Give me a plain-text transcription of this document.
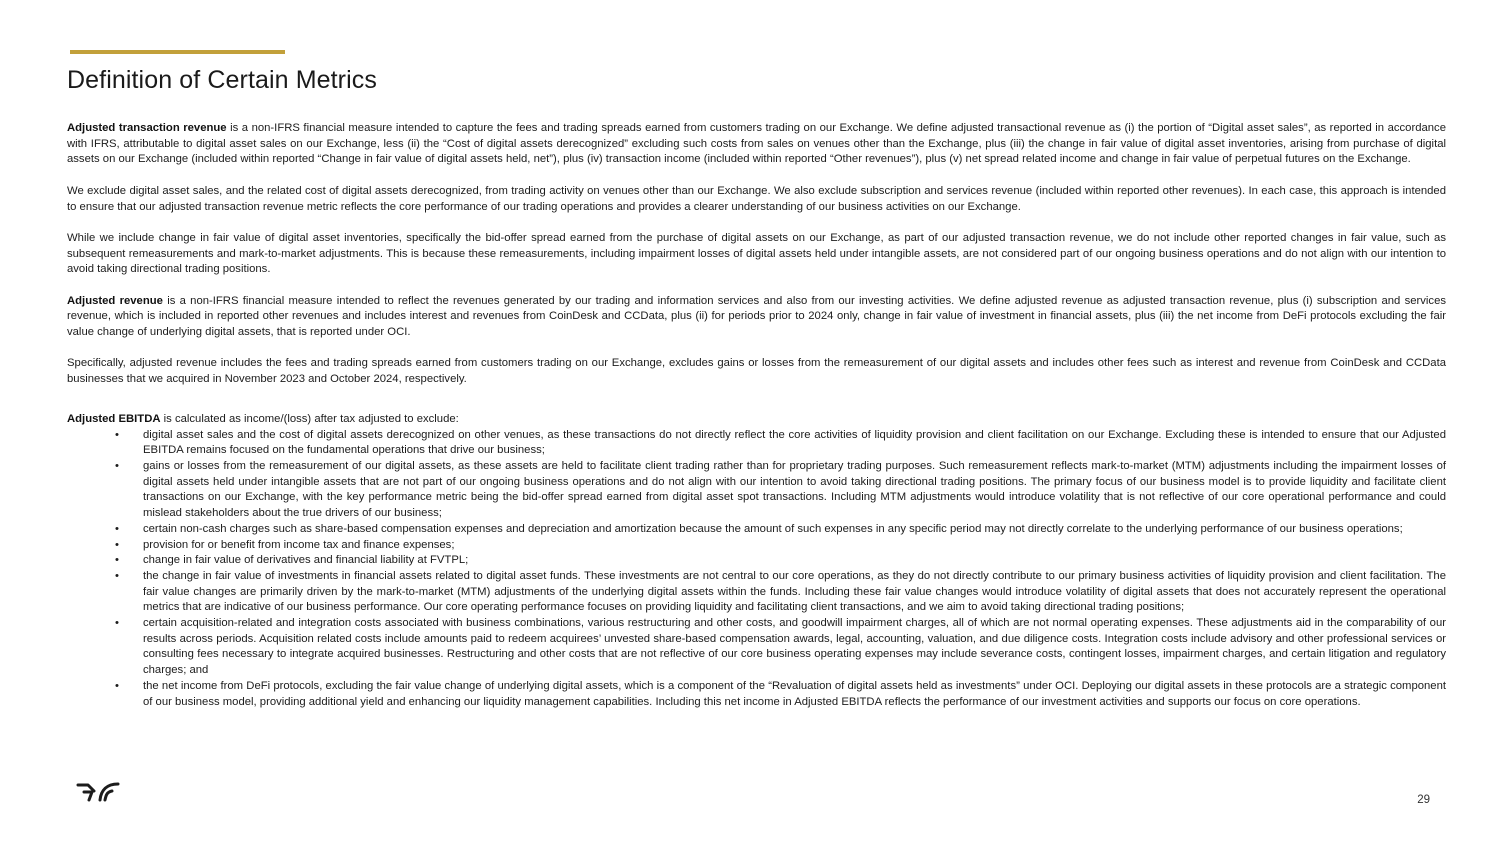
Definition of Certain Metrics

Adjusted transaction revenue is a non-IFRS financial measure intended to capture the fees and trading spreads earned from customers trading on our Exchange. We define adjusted transactional revenue as (i) the portion of “Digital asset sales”, as reported in accordance with IFRS, attributable to digital asset sales on our Exchange, less (ii) the “Cost of digital assets derecognized” excluding such costs from sales on venues other than the Exchange, plus (iii) the change in fair value of digital asset inventories, arising from purchase of digital assets on our Exchange (included within reported “Change in fair value of digital assets held, net”), plus (iv) transaction income (included within reported “Other revenues”), plus (v) net spread related income and change in fair value of perpetual futures on the Exchange.

We exclude digital asset sales, and the related cost of digital assets derecognized, from trading activity on venues other than our Exchange. We also exclude subscription and services revenue (included within reported other revenues). In each case, this approach is intended to ensure that our adjusted transaction revenue metric reflects the core performance of our trading operations and provides a clearer understanding of our business activities on our Exchange.

While we include change in fair value of digital asset inventories, specifically the bid-offer spread earned from the purchase of digital assets on our Exchange, as part of our adjusted transaction revenue, we do not include other reported changes in fair value, such as subsequent remeasurements and mark-to-market adjustments. This is because these remeasurements, including impairment losses of digital assets held under intangible assets, are not considered part of our ongoing business operations and do not align with our intention to avoid taking directional trading positions.

Adjusted revenue is a non-IFRS financial measure intended to reflect the revenues generated by our trading and information services and also from our investing activities. We define adjusted revenue as adjusted transaction revenue, plus (i) subscription and services revenue, which is included in reported other revenues and includes interest and revenues from CoinDesk and CCData, plus (ii) for periods prior to 2024 only, change in fair value of investment in financial assets, plus (iii) the net income from DeFi protocols excluding the fair value change of underlying digital assets, that is reported under OCI.

Specifically, adjusted revenue includes the fees and trading spreads earned from customers trading on our Exchange, excludes gains or losses from the remeasurement of our digital assets and includes other fees such as interest and revenue from CoinDesk and CCData businesses that we acquired in November 2023 and October 2024, respectively.

Adjusted EBITDA is calculated as income/(loss) after tax adjusted to exclude:

• digital asset sales and the cost of digital assets derecognized on other venues, as these transactions do not directly reflect the core activities of liquidity provision and client facilitation on our Exchange. Excluding these is intended to ensure that our Adjusted EBITDA remains focused on the fundamental operations that drive our business;
• gains or losses from the remeasurement of our digital assets, as these assets are held to facilitate client trading rather than for proprietary trading purposes. Such remeasurement reflects mark-to-market (MTM) adjustments including the impairment losses of digital assets held under intangible assets that are not part of our ongoing business operations and do not align with our intention to avoid taking directional trading positions. The primary focus of our business model is to provide liquidity and facilitate client transactions on our Exchange, with the key performance metric being the bid-offer spread earned from digital asset spot transactions. Including MTM adjustments would introduce volatility that is not reflective of our core operational performance and could mislead stakeholders about the true drivers of our business;
• certain non-cash charges such as share-based compensation expenses and depreciation and amortization because the amount of such expenses in any specific period may not directly correlate to the underlying performance of our business operations;
• provision for or benefit from income tax and finance expenses;
• change in fair value of derivatives and financial liability at FVTPL;
• the change in fair value of investments in financial assets related to digital asset funds. These investments are not central to our core operations, as they do not directly contribute to our primary business activities of liquidity provision and client facilitation. The fair value changes are primarily driven by the mark-to-market (MTM) adjustments of the underlying digital assets within the funds. Including these fair value changes would introduce volatility of digital assets that does not accurately represent the operational metrics that are indicative of our business performance. Our core operating performance focuses on providing liquidity and facilitating client transactions, and we aim to avoid taking directional trading positions;
• certain acquisition-related and integration costs associated with business combinations, various restructuring and other costs, and goodwill impairment charges, all of which are not normal operating expenses. These adjustments aid in the comparability of our results across periods. Acquisition related costs include amounts paid to redeem acquirees’ unvested share-based compensation awards, legal, accounting, valuation, and due diligence costs. Integration costs include advisory and other professional services or consulting fees necessary to integrate acquired businesses. Restructuring and other costs that are not reflective of our core business operating expenses may include severance costs, contingent losses, impairment charges, and certain litigation and regulatory charges; and
• the net income from DeFi protocols, excluding the fair value change of underlying digital assets, which is a component of the “Revaluation of digital assets held as investments” under OCI. Deploying our digital assets in these protocols are a strategic component of our business model, providing additional yield and enhancing our liquidity management capabilities. Including this net income in Adjusted EBITDA reflects the performance of our investment activities and supports our focus on core operations.
29
